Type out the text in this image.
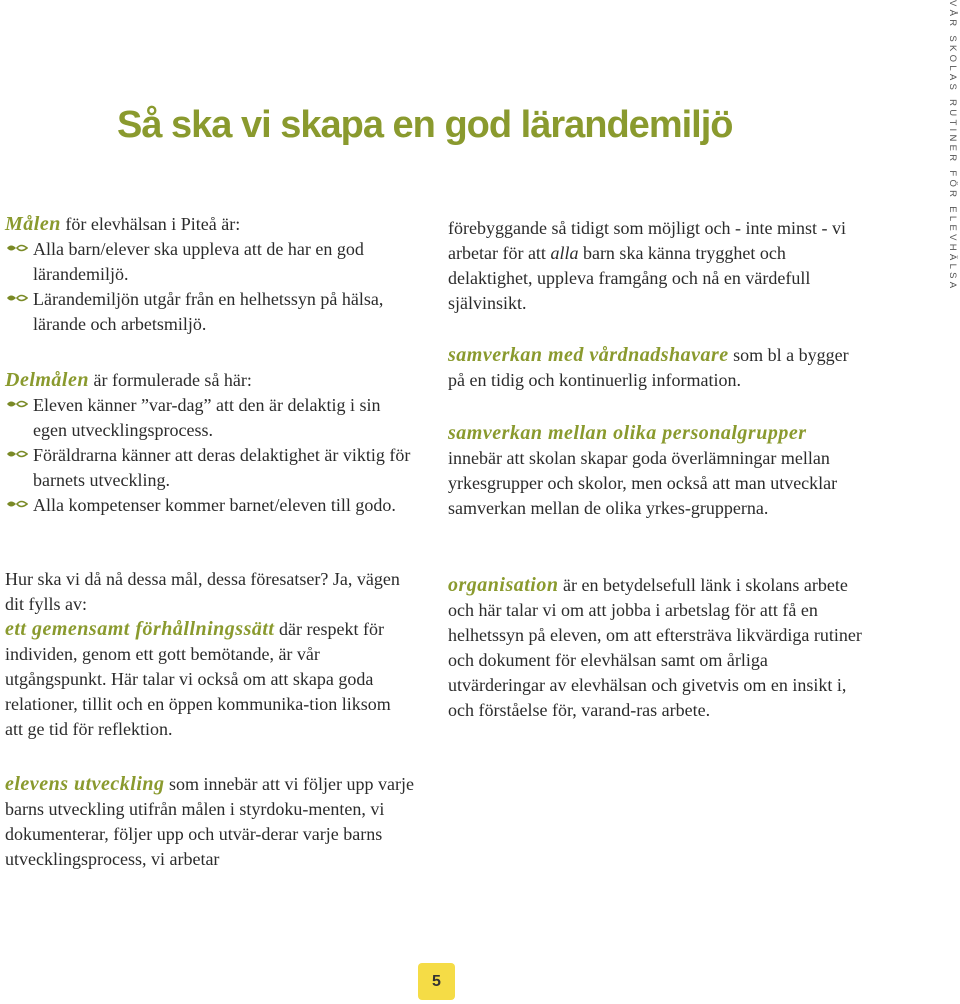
VÅR SKOLAS RUTINER FÖR ELEVHÄLSA
Så ska vi skapa en god lärandemiljö

Målen för elevhälsan i Piteå är:

Alla barn/elever ska uppleva att de har en god lärandemiljö.
Lärandemiljön utgår från en helhetssyn på hälsa, lärande och arbetsmiljö.

Delmålen är formulerade så här:

Eleven känner ”var-dag” att den är delaktig i sin egen utvecklingsprocess.
Föräldrarna känner att deras delaktighet är viktig för barnets utveckling.
Alla kompetenser kommer barnet/eleven till godo.

Hur ska vi då nå dessa mål, dessa föresatser? Ja, vägen dit fylls av:
ett gemensamt förhållningssätt där respekt för individen, genom ett gott bemötande, är vår utgångspunkt. Här talar vi också om att skapa goda relationer, tillit och en öppen kommunika-tion liksom att ge tid för reflektion.

elevens utveckling som innebär att vi följer upp varje barns utveckling utifrån målen i styrdoku-menten, vi dokumenterar, följer upp och utvär-derar varje barns utvecklingsprocess, vi arbetar

förebyggande så tidigt som möjligt och - inte minst - vi arbetar för att alla barn ska känna trygghet och delaktighet, uppleva framgång och nå en värdefull självinsikt.

samverkan med vårdnadshavare som bl a bygger på en tidig och kontinuerlig information.

samverkan mellan olika personalgrupper
innebär att skolan skapar goda överlämningar mellan yrkesgrupper och skolor, men också att man utvecklar samverkan mellan de olika yrkes-grupperna.

organisation är en betydelsefull länk i skolans arbete och här talar vi om att jobba i arbetslag för att få en helhetssyn på eleven, om att eftersträva likvärdiga rutiner och dokument för elevhälsan samt om årliga utvärderingar av elevhälsan och givetvis om en insikt i, och förståelse för, varand-ras arbete.

5
